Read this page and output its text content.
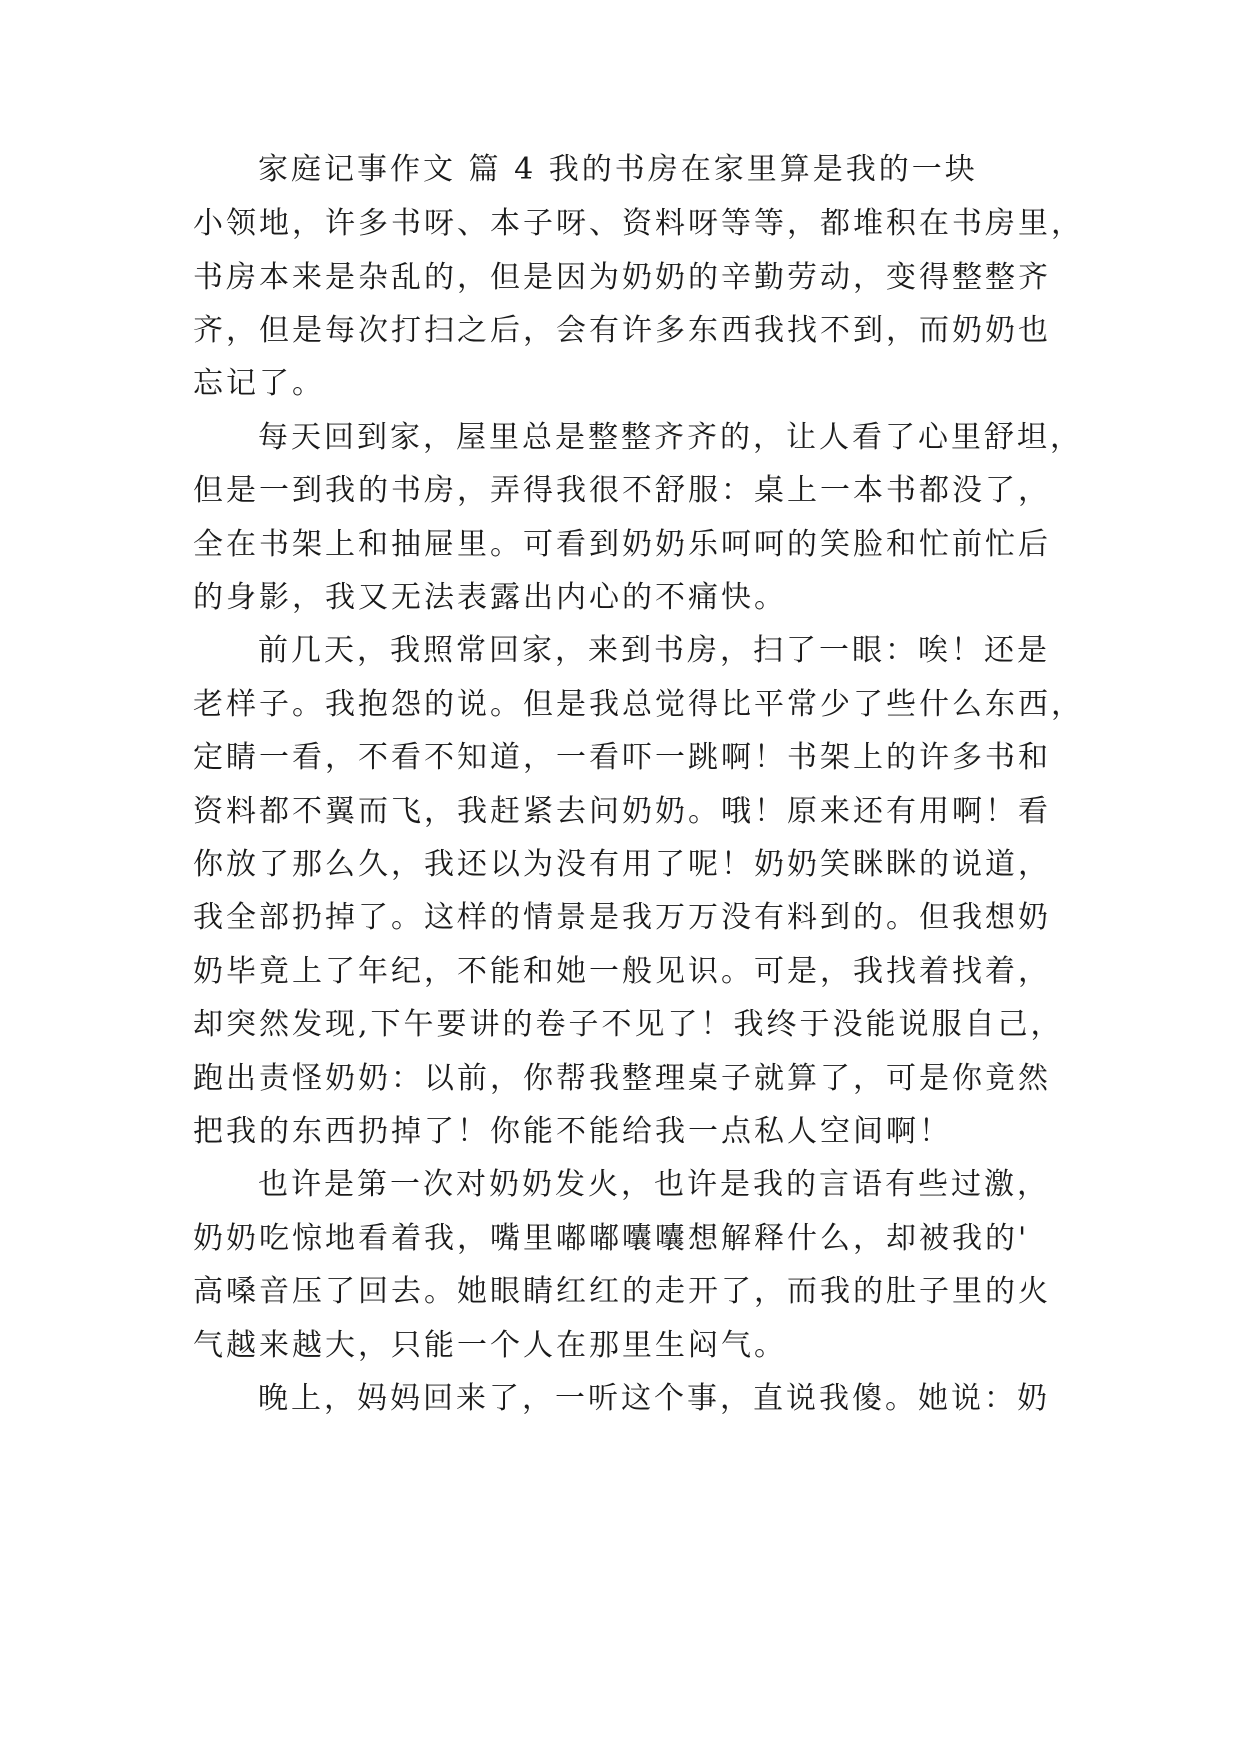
家庭记事作文 篇 4 我的书房在家里算是我的一块
小领地，许多书呀、本子呀、资料呀等等，都堆积在书房里，
书房本来是杂乱的，但是因为奶奶的辛勤劳动，变得整整齐
齐，但是每次打扫之后，会有许多东西我找不到，而奶奶也
忘记了。
每天回到家，屋里总是整整齐齐的，让人看了心里舒坦，
但是一到我的书房，弄得我很不舒服：桌上一本书都没了，
全在书架上和抽屉里。可看到奶奶乐呵呵的笑脸和忙前忙后
的身影，我又无法表露出内心的不痛快。
前几天，我照常回家，来到书房，扫了一眼：唉！还是
老样子。我抱怨的说。但是我总觉得比平常少了些什么东西，
定睛一看，不看不知道，一看吓一跳啊！书架上的许多书和
资料都不翼而飞，我赶紧去问奶奶。哦！原来还有用啊！看
你放了那么久，我还以为没有用了呢！奶奶笑眯眯的说道，
我全部扔掉了。这样的情景是我万万没有料到的。但我想奶
奶毕竟上了年纪，不能和她一般见识。可是，我找着找着，
却突然发现,下午要讲的卷子不见了！我终于没能说服自己，
跑出责怪奶奶：以前，你帮我整理桌子就算了，可是你竟然
把我的东西扔掉了！你能不能给我一点私人空间啊！
也许是第一次对奶奶发火，也许是我的言语有些过激，
奶奶吃惊地看着我，嘴里嘟嘟囔囔想解释什么，却被我的'
高嗓音压了回去。她眼睛红红的走开了，而我的肚子里的火
气越来越大，只能一个人在那里生闷气。
晚上，妈妈回来了，一听这个事，直说我傻。她说：奶
